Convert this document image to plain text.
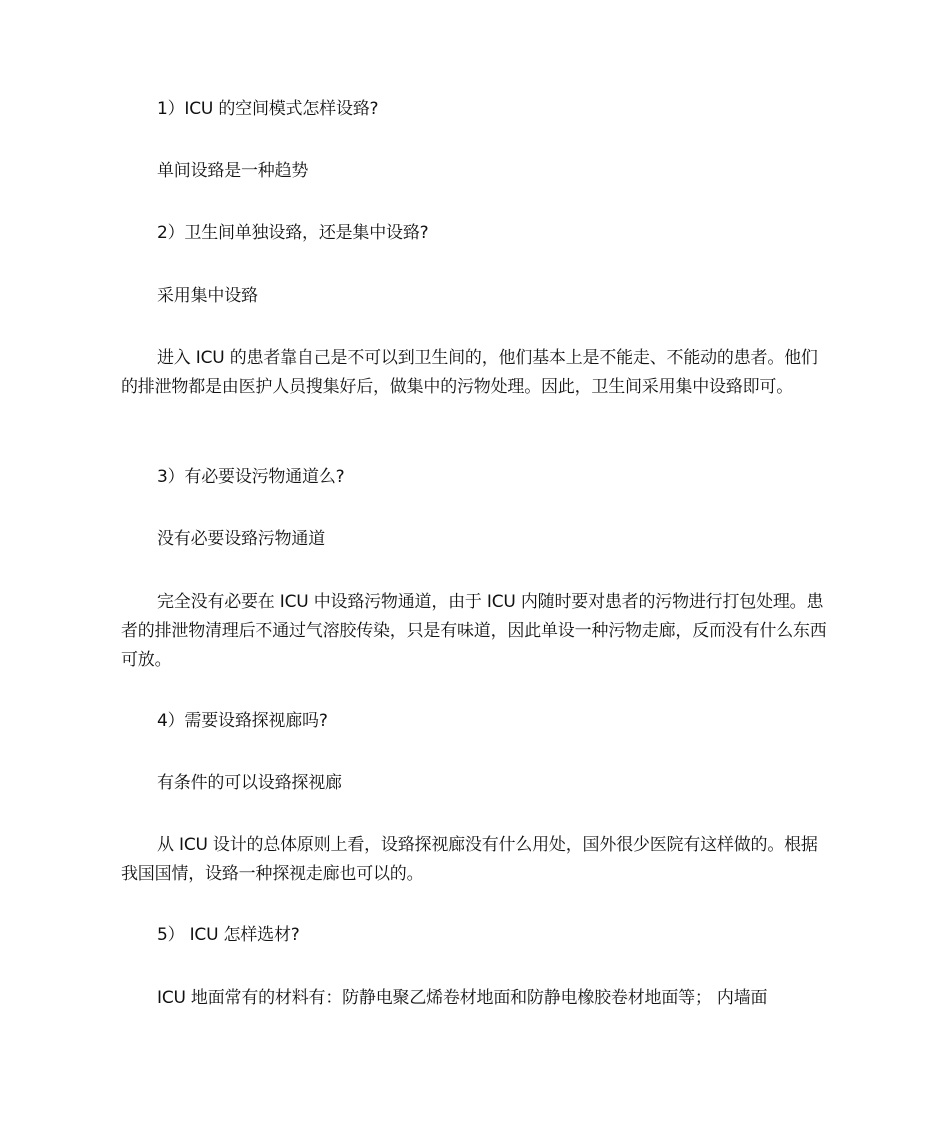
1）ICU 的空间模式怎样设臵?

单间设臵是一种趋势

2）卫生间单独设臵，还是集中设臵?

采用集中设臵

进入 ICU 的患者靠自己是不可以到卫生间的，他们基本上是不能走、不能动的患者。他们的排泄物都是由医护人员搜集好后，做集中的污物处理。因此，卫生间采用集中设臵即可。

3）有必要设污物通道么?

没有必要设臵污物通道

完全没有必要在 ICU 中设臵污物通道，由于 ICU 内随时要对患者的污物进行打包处理。患者的排泄物清理后不通过气溶胶传染，只是有味道，因此单设一种污物走廊，反而没有什么东西可放。

4）需要设臵探视廊吗?

有条件的可以设臵探视廊

从 ICU 设计的总体原则上看，设臵探视廊没有什么用处，国外很少医院有这样做的。根据我国国情，设臵一种探视走廊也可以的。

5） ICU 怎样选材?

ICU 地面常有的材料有：防静电聚乙烯卷材地面和防静电橡胶卷材地面等； 内墙面
